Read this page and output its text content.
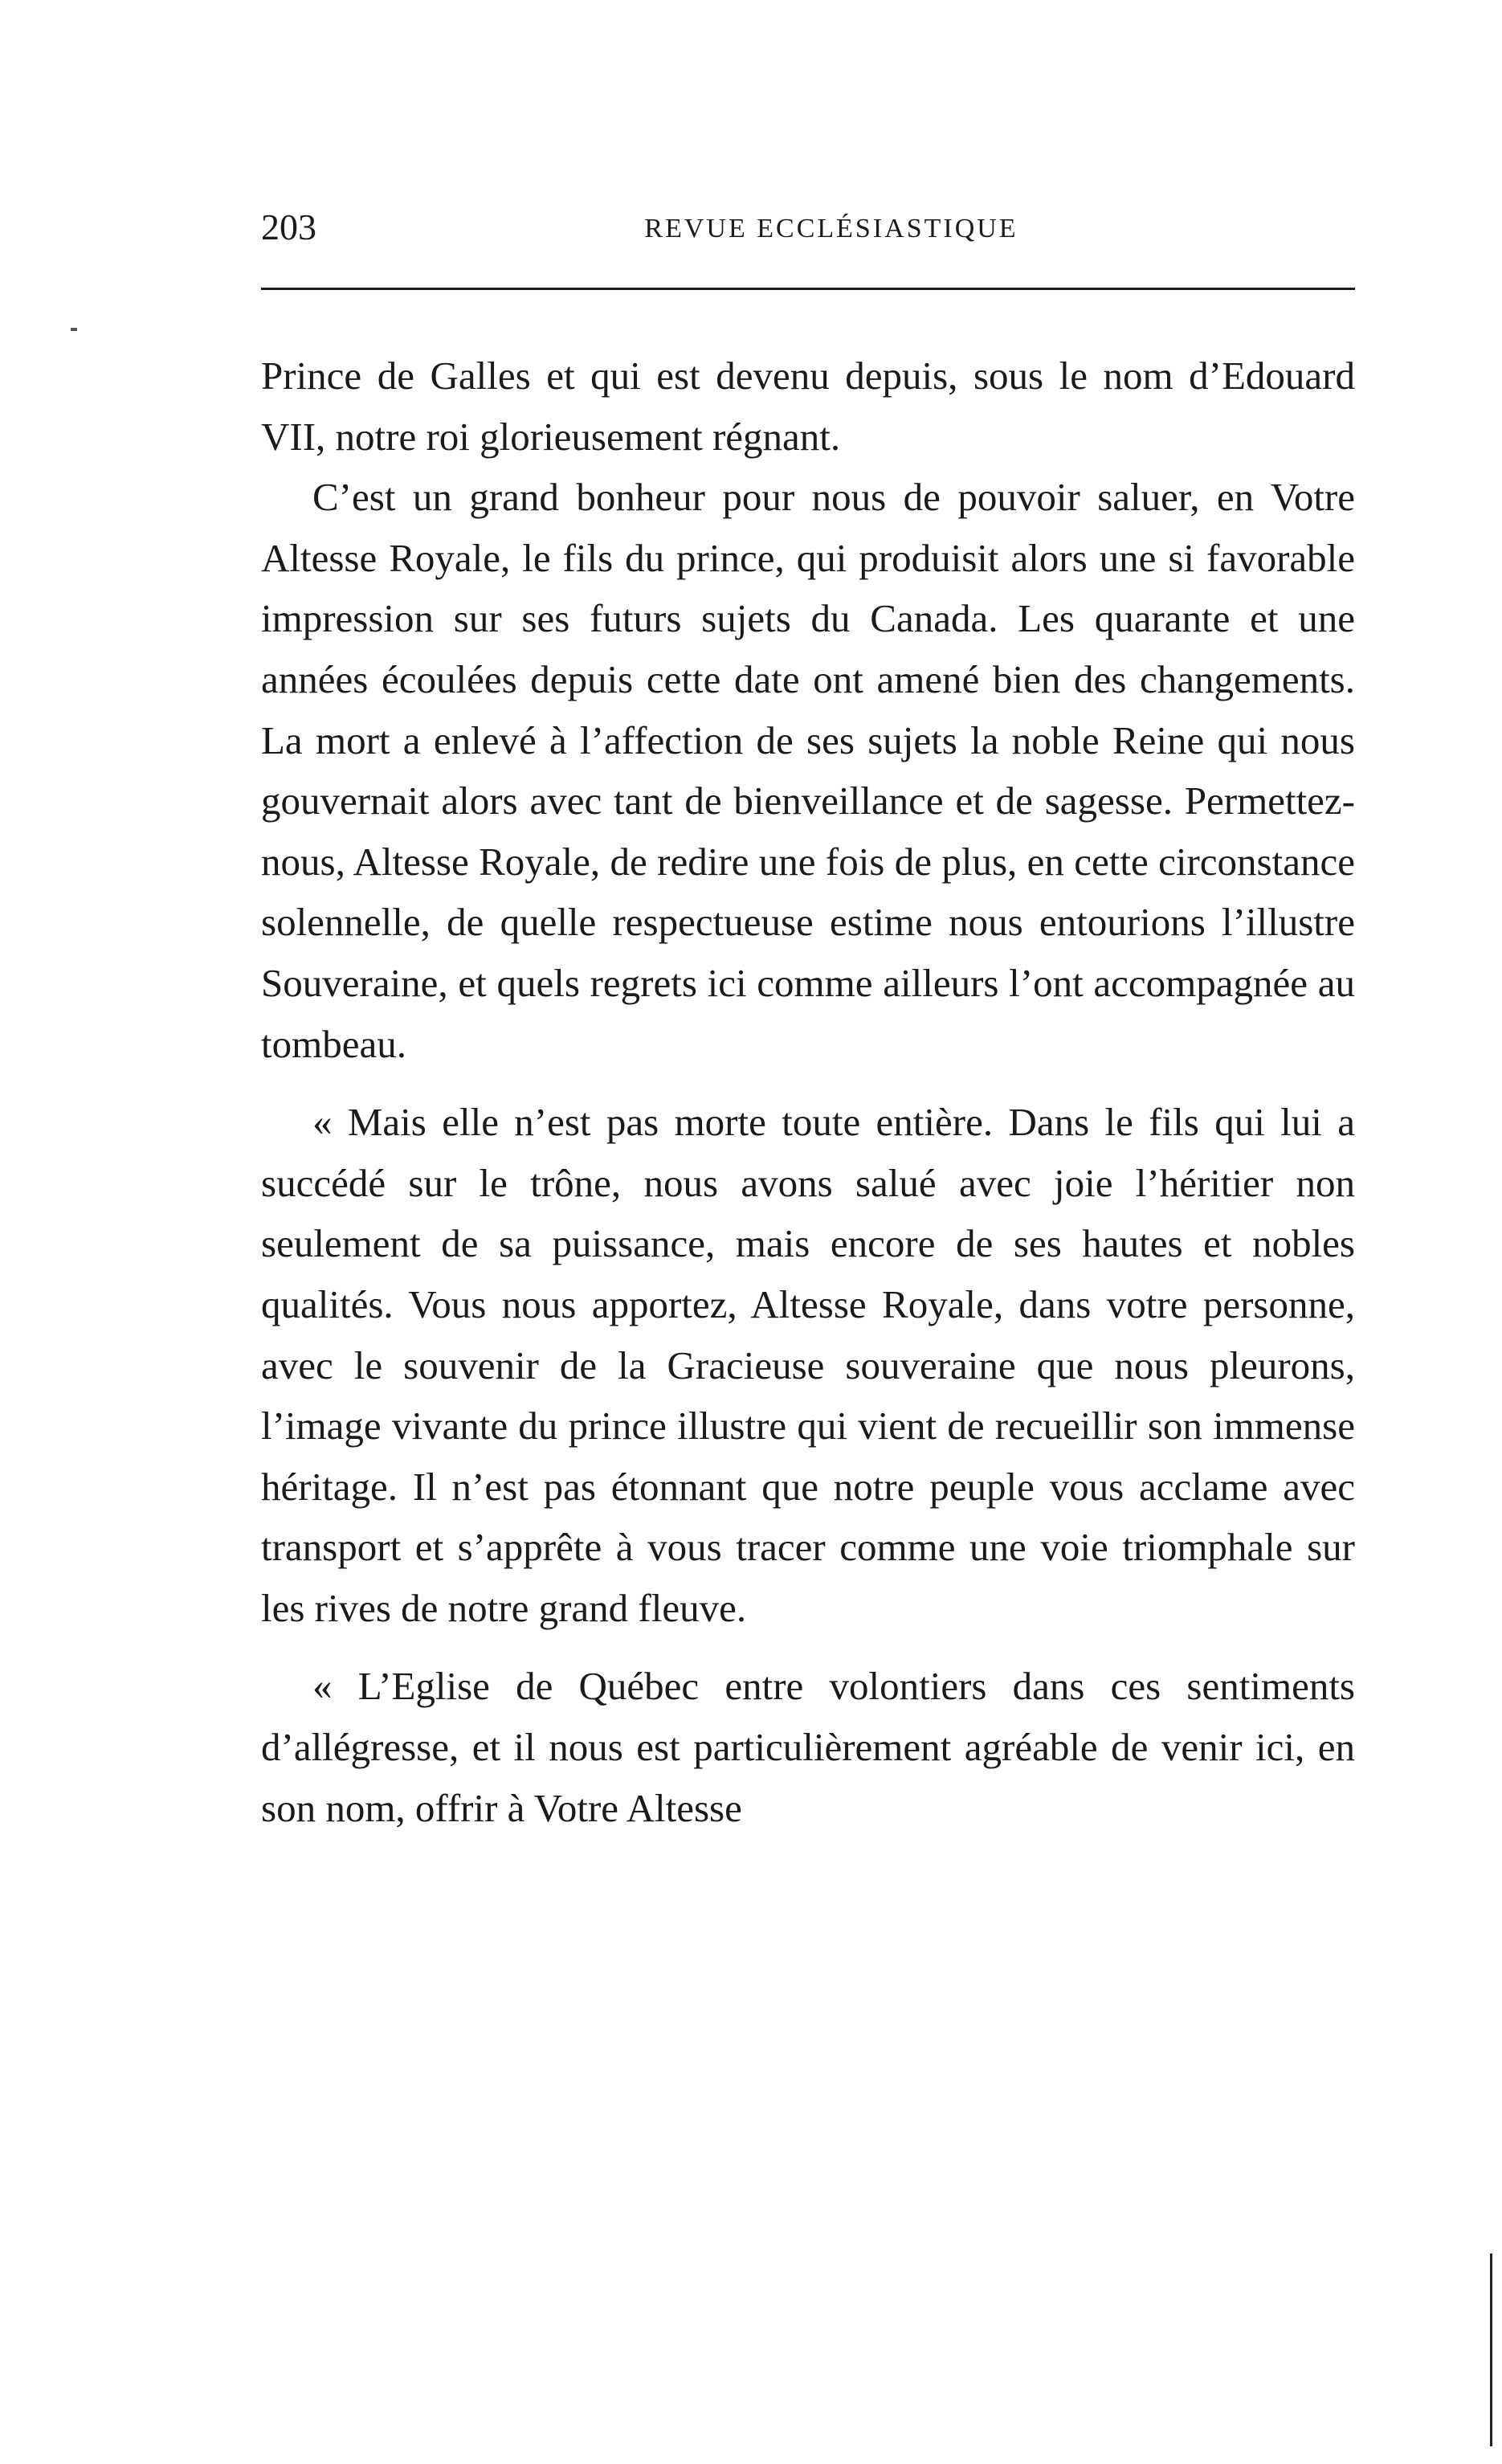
203	REVUE ECCLÉSIASTIQUE

Prince de Galles et qui est devenu depuis, sous le nom d’Edouard VII, notre roi glorieusement régnant.

C’est un grand bonheur pour nous de pouvoir saluer, en Votre Altesse Royale, le fils du prince, qui produisit alors une si favorable impression sur ses futurs sujets du Canada. Les quarante et une années écoulées depuis cette date ont amené bien des changements. La mort a enlevé à l’affection de ses sujets la noble Reine qui nous gouvernait alors avec tant de bienveillance et de sagesse. Permettez-nous, Altesse Royale, de redire une fois de plus, en cette circonstance solennelle, de quelle respectueuse estime nous entourions l’illustre Souveraine, et quels regrets ici comme ailleurs l’ont accompagnée au tombeau.

« Mais elle n’est pas morte toute entière. Dans le fils qui lui a succédé sur le trône, nous avons salué avec joie l’héritier non seulement de sa puissance, mais encore de ses hautes et nobles qualités. Vous nous apportez, Altesse Royale, dans votre personne, avec le souvenir de la Gracieuse souveraine que nous pleurons, l’image vivante du prince illustre qui vient de recueillir son immense héritage. Il n’est pas étonnant que notre peuple vous acclame avec transport et s’apprête à vous tracer comme une voie triomphale sur les rives de notre grand fleuve.

« L’Eglise de Québec entre volontiers dans ces sentiments d’allégresse, et il nous est particulièrement agréable de venir ici, en son nom, offrir à Votre Altesse
